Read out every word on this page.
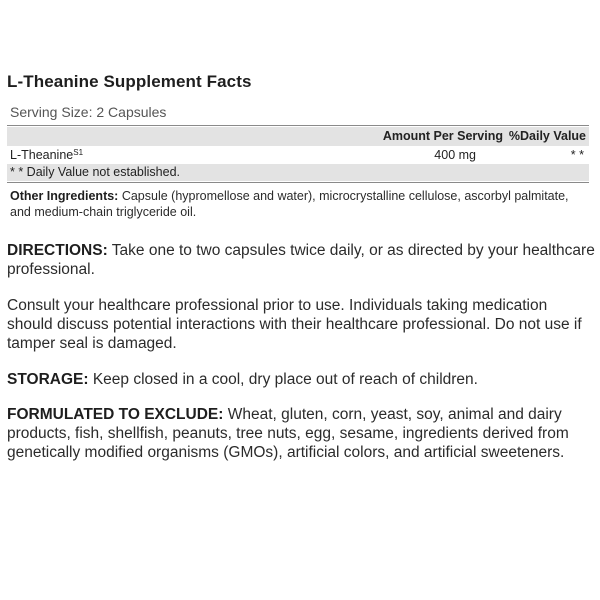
L-Theanine Supplement Facts
Serving Size: 2 Capsules
Amount Per Serving %Daily Value
L-Theanine$^{S1}$	400 mg	* *
* * Daily Value not established.
Other Ingredients: Capsule (hypromellose and water), microcrystalline cellulose, ascorbyl palmitate, and medium-chain triglyceride oil.
DIRECTIONS: Take one to two capsules twice daily, or as directed by your healthcare professional.
Consult your healthcare professional prior to use. Individuals taking medication should discuss potential interactions with their healthcare professional. Do not use if tamper seal is damaged.
STORAGE: Keep closed in a cool, dry place out of reach of children.
FORMULATED TO EXCLUDE: Wheat, gluten, corn, yeast, soy, animal and dairy products, fish, shellfish, peanuts, tree nuts, egg, sesame, ingredients derived from genetically modified organisms (GMOs), artificial colors, and artificial sweeteners.
